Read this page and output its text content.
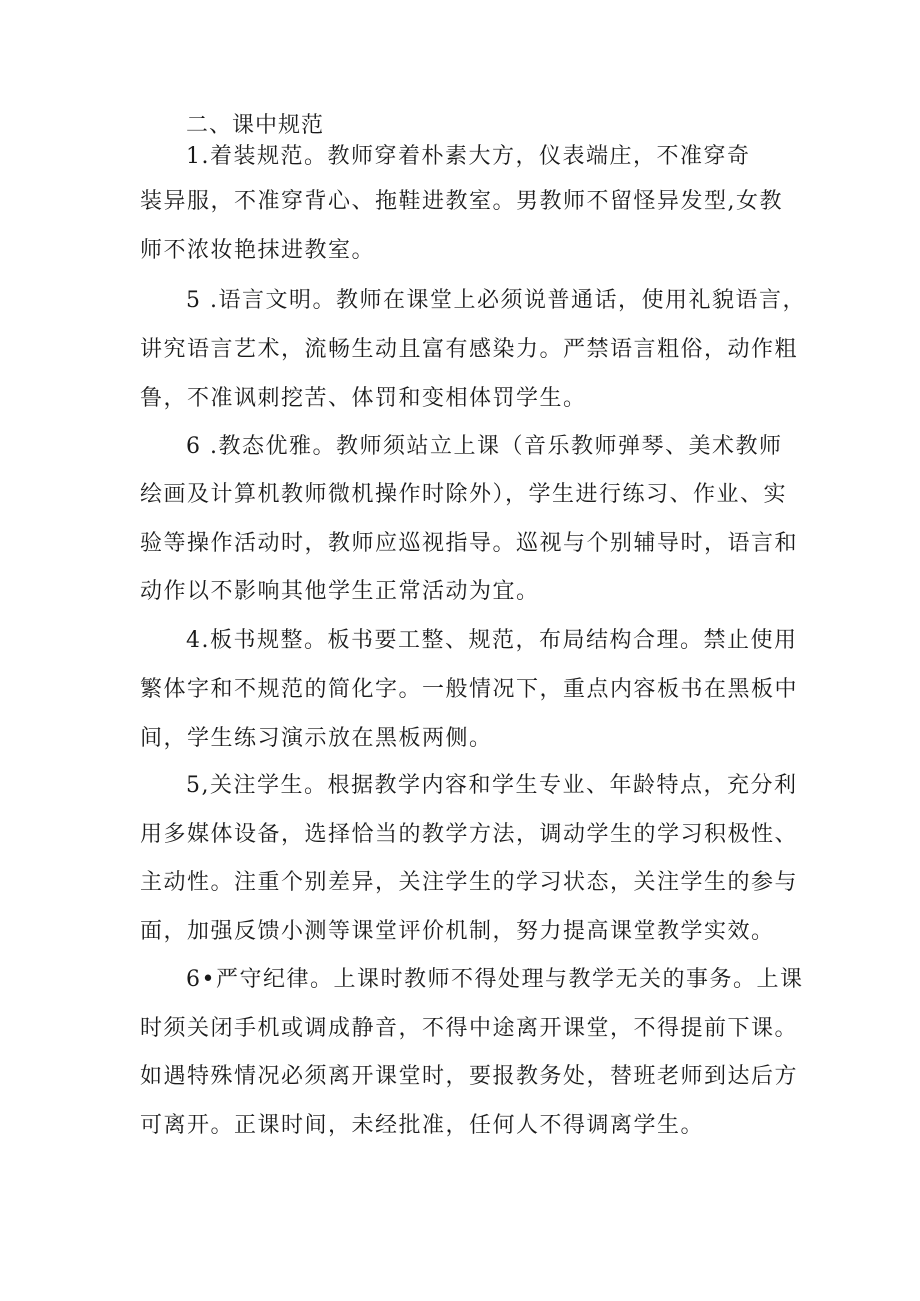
二、课中规范
1.着装规范。教师穿着朴素大方，仪表端庄，不准穿奇
装异服，不准穿背心、拖鞋进教室。男教师不留怪异发型,女教
师不浓妆艳抹进教室。
5 .语言文明。教师在课堂上必须说普通话，使用礼貌语言，
讲究语言艺术，流畅生动且富有感染力。严禁语言粗俗，动作粗
鲁，不准讽刺挖苦、体罚和变相体罚学生。
6 .教态优雅。教师须站立上课（音乐教师弹琴、美术教师
绘画及计算机教师微机操作时除外），学生进行练习、作业、实
验等操作活动时，教师应巡视指导。巡视与个别辅导时，语言和
动作以不影响其他学生正常活动为宜。
4.板书规整。板书要工整、规范，布局结构合理。禁止使用
繁体字和不规范的简化字。一般情况下，重点内容板书在黑板中
间，学生练习演示放在黑板两侧。
5,关注学生。根据教学内容和学生专业、年龄特点，充分利
用多媒体设备，选择恰当的教学方法，调动学生的学习积极性、
主动性。注重个别差异，关注学生的学习状态，关注学生的参与
面，加强反馈小测等课堂评价机制，努力提高课堂教学实效。
6•严守纪律。上课时教师不得处理与教学无关的事务。上课
时须关闭手机或调成静音，不得中途离开课堂，不得提前下课。
如遇特殊情况必须离开课堂时，要报教务处，替班老师到达后方
可离开。正课时间，未经批准，任何人不得调离学生。
